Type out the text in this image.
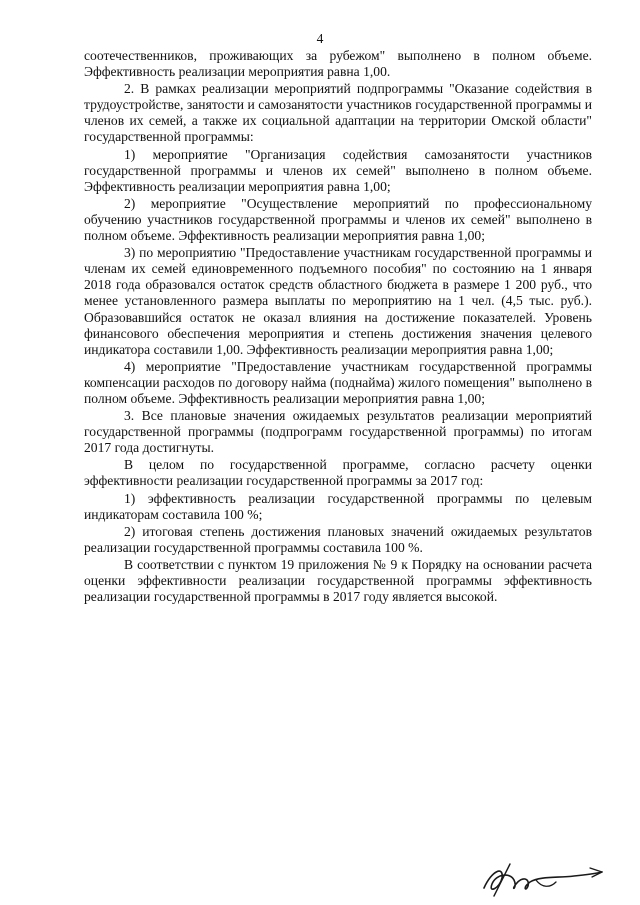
4

соотечественников, проживающих за рубежом" выполнено в полном объеме. Эффективность реализации мероприятия равна 1,00.

2. В рамках реализации мероприятий подпрограммы "Оказание содействия в трудоустройстве, занятости и самозанятости участников государственной программы и членов их семей, а также их социальной адаптации на территории Омской области" государственной программы:

1) мероприятие "Организация содействия самозанятости участников государственной программы и членов их семей" выполнено в полном объеме. Эффективность реализации мероприятия равна 1,00;

2) мероприятие "Осуществление мероприятий по профессиональному обучению участников государственной программы и членов их семей" выполнено в полном объеме. Эффективность реализации мероприятия равна 1,00;

3) по мероприятию "Предоставление участникам государственной программы и членам их семей единовременного подъемного пособия" по состоянию на 1 января 2018 года образовался остаток средств областного бюджета в размере 1 200 руб., что менее установленного размера выплаты по мероприятию на 1 чел. (4,5 тыс. руб.). Образовавшийся остаток не оказал влияния на достижение показателей. Уровень финансового обеспечения мероприятия и степень достижения значения целевого индикатора составили 1,00. Эффективность реализации мероприятия равна 1,00;

4) мероприятие "Предоставление участникам государственной программы компенсации расходов по договору найма (поднайма) жилого помещения" выполнено в полном объеме. Эффективность реализации мероприятия равна 1,00;

3. Все плановые значения ожидаемых результатов реализации мероприятий государственной программы (подпрограмм государственной программы) по итогам 2017 года достигнуты.

В целом по государственной программе, согласно расчету оценки эффективности реализации государственной программы за 2017 год:

1) эффективность реализации государственной программы по целевым индикаторам составила 100 %;

2) итоговая степень достижения плановых значений ожидаемых результатов реализации государственной программы составила 100 %.

В соответствии с пунктом 19 приложения № 9 к Порядку на основании расчета оценки эффективности реализации государственной программы эффективность реализации государственной программы в 2017 году является высокой.
